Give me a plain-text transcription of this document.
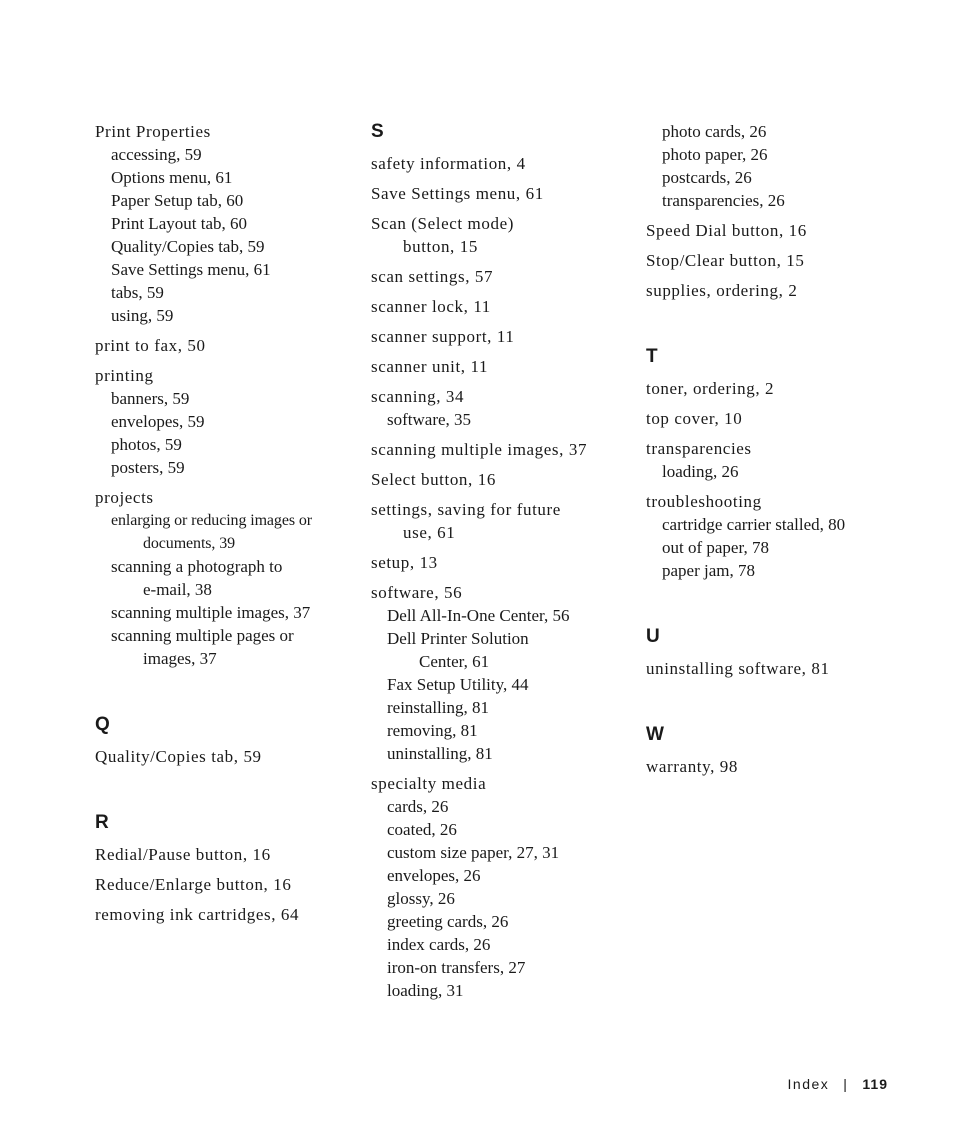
Print Properties
accessing, 59
Options menu, 61
Paper Setup tab, 60
Print Layout tab, 60
Quality/Copies tab, 59
Save Settings menu, 61
tabs, 59
using, 59
print to fax, 50
printing
banners, 59
envelopes, 59
photos, 59
posters, 59
projects
enlarging or reducing images or
documents, 39
scanning a photograph to
e-mail, 38
scanning multiple images, 37
scanning multiple pages or
images, 37
Q
Quality/Copies tab, 59
R
Redial/Pause button, 16
Reduce/Enlarge button, 16
removing ink cartridges, 64
S
safety information, 4
Save Settings menu, 61
Scan (Select mode)
button, 15
scan settings, 57
scanner lock, 11
scanner support, 11
scanner unit, 11
scanning, 34
software, 35
scanning multiple images, 37
Select button, 16
settings, saving for future
use, 61
setup, 13
software, 56
Dell All-In-One Center, 56
Dell Printer Solution
Center, 61
Fax Setup Utility, 44
reinstalling, 81
removing, 81
uninstalling, 81
specialty media
cards, 26
coated, 26
custom size paper, 27, 31
envelopes, 26
glossy, 26
greeting cards, 26
index cards, 26
iron-on transfers, 27
loading, 31
photo cards, 26
photo paper, 26
postcards, 26
transparencies, 26
Speed Dial button, 16
Stop/Clear button, 15
supplies, ordering, 2
T
toner, ordering, 2
top cover, 10
transparencies
loading, 26
troubleshooting
cartridge carrier stalled, 80
out of paper, 78
paper jam, 78
U
uninstalling software, 81
W
warranty, 98
Index | 119
